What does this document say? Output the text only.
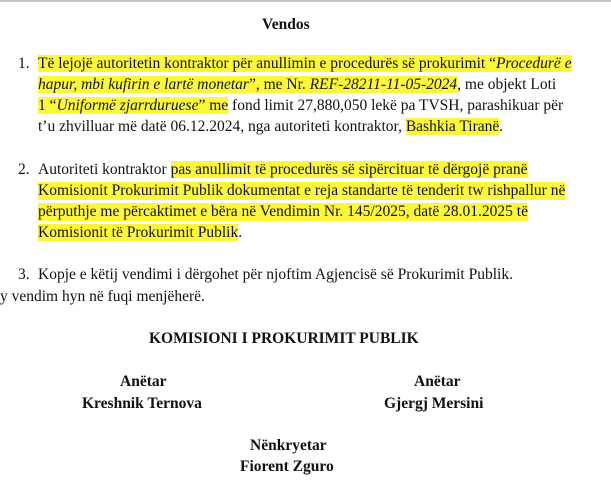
Vendos
1. Të lejojë autoritetin kontraktor për anullimin e procedurës së prokurimit “Procedurë e
hapur, mbi kufirin e lartë monetar”, me Nr. REF-28211-11-05-2024, me objekt Loti
1 “Uniformë zjarrduruese” me fond limit 27,880,050 lekë pa TVSH, parashikuar për
t’u zhvilluar më datë 06.12.2024, nga autoriteti kontraktor, Bashkia Tiranë.
2. Autoriteti kontraktor pas anullimit të procedurës së sipërcituar të dërgojë pranë
Komisionit Prokurimit Publik dokumentat e reja standarte të tenderit tw rishpallur në
përputhje me përcaktimet e bëra në Vendimin Nr. 145/2025, datë 28.01.2025 të
Komisionit të Prokurimit Publik.
3. Kopje e këtij vendimi i dërgohet për njoftim Agjencisë së Prokurimit Publik.
y vendim hyn në fuqi menjëherë.
KOMISIONI I PROKURIMIT PUBLIK
Anëtar
Kreshnik Ternova
Anëtar
Gjergj Mersini
Nënkryetar
Fiorent Zguro
